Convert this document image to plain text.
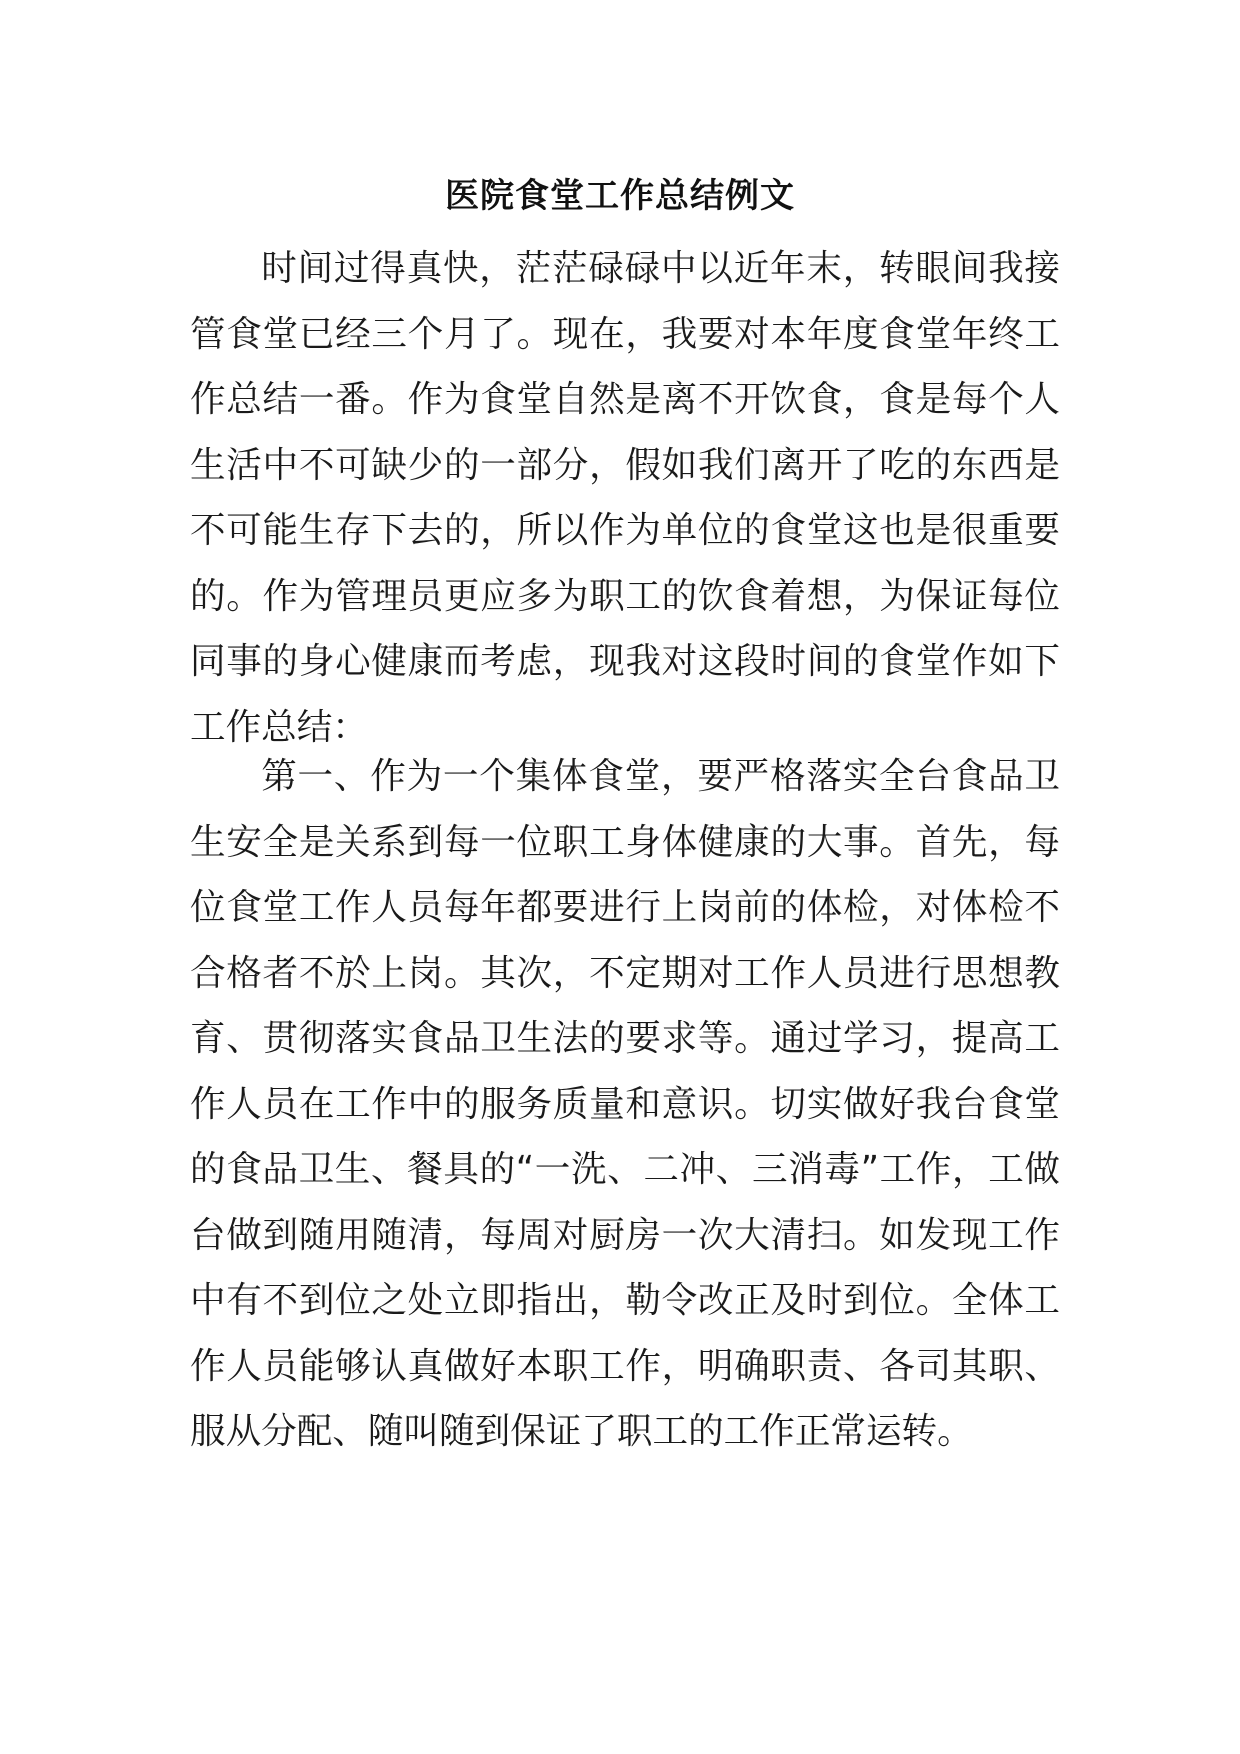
医院食堂工作总结例文

时间过得真快，茫茫碌碌中以近年末，转眼间我接管食堂已经三个月了。现在，我要对本年度食堂年终工作总结一番。作为食堂自然是离不开饮食，食是每个人生活中不可缺少的一部分，假如我们离开了吃的东西是不可能生存下去的，所以作为单位的食堂这也是很重要的。作为管理员更应多为职工的饮食着想，为保证每位同事的身心健康而考虑，现我对这段时间的食堂作如下工作总结：

第一、作为一个集体食堂，要严格落实全台食品卫生安全是关系到每一位职工身体健康的大事。首先，每位食堂工作人员每年都要进行上岗前的体检，对体检不合格者不於上岗。其次，不定期对工作人员进行思想教育、贯彻落实食品卫生法的要求等。通过学习，提高工作人员在工作中的服务质量和意识。切实做好我台食堂的食品卫生、餐具的“一洗、二冲、三消毒”工作，工做台做到随用随清，每周对厨房一次大清扫。如发现工作中有不到位之处立即指出，勒令改正及时到位。全体工作人员能够认真做好本职工作，明确职责、各司其职、服从分配、随叫随到保证了职工的工作正常运转。
